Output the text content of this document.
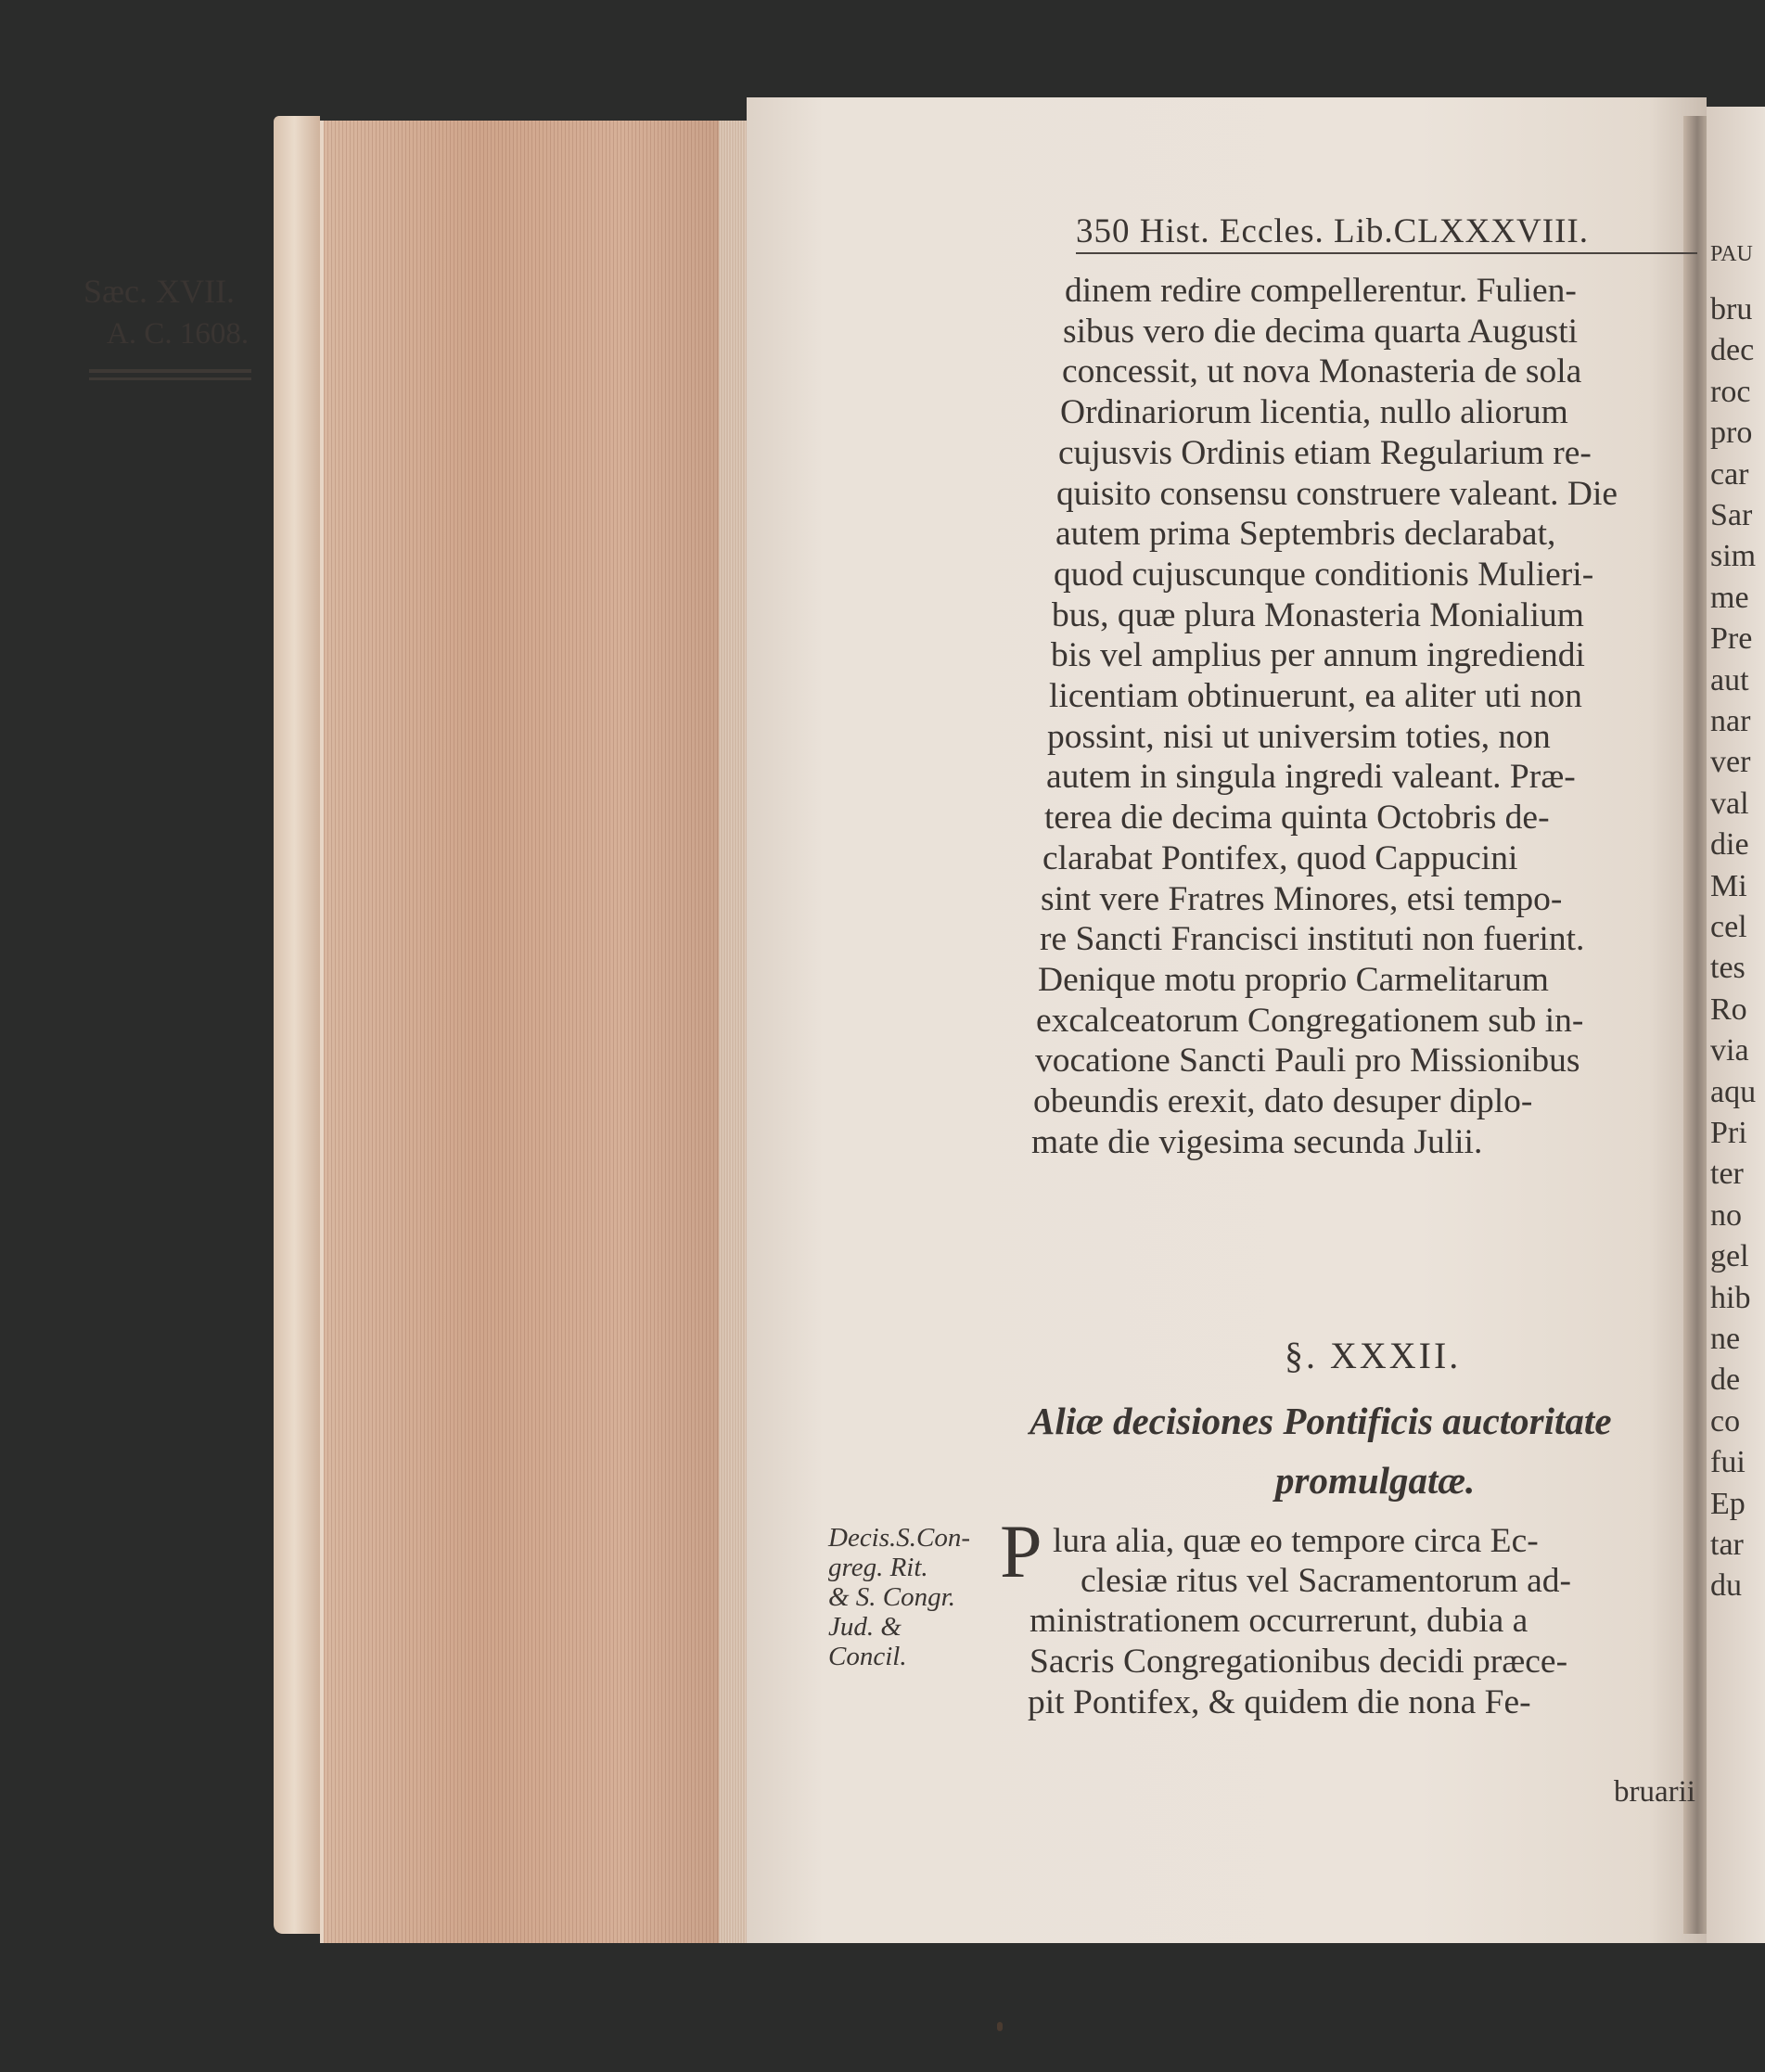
PAU
bru
dec
roc
pro
car
Sar
sim
me
Pre
aut
nar
ver
val
die
Mi
cel
tes
Ro
via
aqu
Pri
ter
no
gel
hib
ne
de
co
fui
Ep
tar
du
350 Hist. Eccles. Lib.CLXXXVIII.
Sæc. XVII.
A. C. 1608.
dinem redire compellerentur. Fulien-
sibus vero die decima quarta Augusti
concessit, ut nova Monasteria de sola
Ordinariorum licentia, nullo aliorum
cujusvis Ordinis etiam Regularium re-
quisito consensu construere valeant. Die
autem prima Septembris declarabat,
quod cujuscunque conditionis Mulieri-
bus, quæ plura Monasteria Monialium
bis vel amplius per annum ingrediendi
licentiam obtinuerunt, ea aliter uti non
possint, nisi ut universim toties, non
autem in singula ingredi valeant. Præ-
terea die decima quinta Octobris de-
clarabat Pontifex, quod Cappucini
sint vere Fratres Minores, etsi tempo-
re Sancti Francisci instituti non fuerint.
Denique motu proprio Carmelitarum
excalceatorum Congregationem sub in-
vocatione Sancti Pauli pro Missionibus
obeundis erexit, dato desuper diplo-
mate die vigesima secunda Julii.
§. XXXII.
Aliæ decisiones Pontificis auctoritate
promulgatæ.
Decis.S.Con-
greg. Rit.
& S. Congr.
Jud. &
Concil.
P lura alia, quæ eo tempore circa Ec-
clesiæ ritus vel Sacramentorum ad-
ministrationem occurrerunt, dubia a
Sacris Congregationibus decidi præce-
pit Pontifex, & quidem die nona Fe-
bruarii
